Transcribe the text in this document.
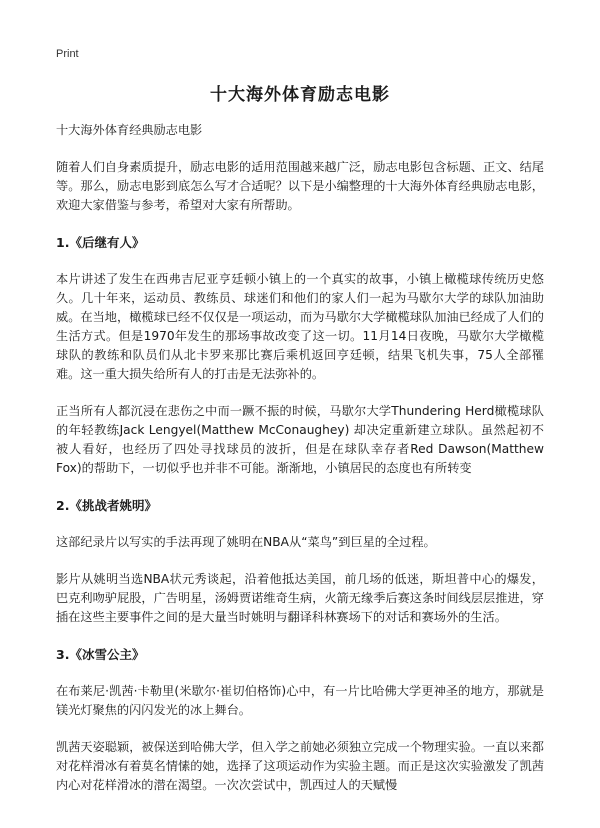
Print
十大海外体育励志电影

十大海外体育经典励志电影

随着人们自身素质提升，励志电影的适用范围越来越广泛，励志电影包含标题、正文、结尾等。那么，励志电影到底怎么写才合适呢？以下是小编整理的十大海外体育经典励志电影，欢迎大家借鉴与参考，希望对大家有所帮助。

1.《后继有人》

本片讲述了发生在西弗吉尼亚亨廷顿小镇上的一个真实的故事，小镇上橄榄球传统历史悠久。几十年来，运动员、教练员、球迷们和他们的家人们一起为马歇尔大学的球队加油助威。在当地，橄榄球已经不仅仅是一项运动，而为马歇尔大学橄榄球队加油已经成了人们的生活方式。但是1970年发生的那场事故改变了这一切。11月14日夜晚，马歇尔大学橄榄球队的教练和队员们从北卡罗来那比赛后乘机返回亨廷顿，结果飞机失事，75人全部罹难。这一重大损失给所有人的打击是无法弥补的。

正当所有人都沉浸在悲伤之中而一蹶不振的时候，马歇尔大学Thundering Herd橄榄球队的年轻教练Jack Lengyel(Matthew McConaughey) 却决定重新建立球队。虽然起初不被人看好，也经历了四处寻找球员的波折，但是在球队幸存者Red Dawson(Matthew Fox)的帮助下，一切似乎也并非不可能。渐渐地，小镇居民的态度也有所转变

2.《挑战者姚明》

这部纪录片以写实的手法再现了姚明在NBA从“菜鸟”到巨星的全过程。

影片从姚明当选NBA状元秀谈起，沿着他抵达美国，前几场的低迷，斯坦普中心的爆发，巴克利吻驴屁股，广告明星，汤姆贾诺维奇生病，火箭无缘季后赛这条时间线层层推进，穿插在这些主要事件之间的是大量当时姚明与翻译科林赛场下的对话和赛场外的生活。

3.《冰雪公主》

在布莱尼·凯茜·卡勒里(米歇尔·崔切伯格饰)心中，有一片比哈佛大学更神圣的地方，那就是镁光灯聚焦的闪闪发光的冰上舞台。

凯茜天姿聪颖，被保送到哈佛大学，但入学之前她必须独立完成一个物理实验。一直以来都对花样滑冰有着莫名情愫的她，选择了这项运动作为实验主题。而正是这次实验激发了凯茜内心对花样滑冰的潜在渴望。一次次尝试中，凯西过人的天赋慢
